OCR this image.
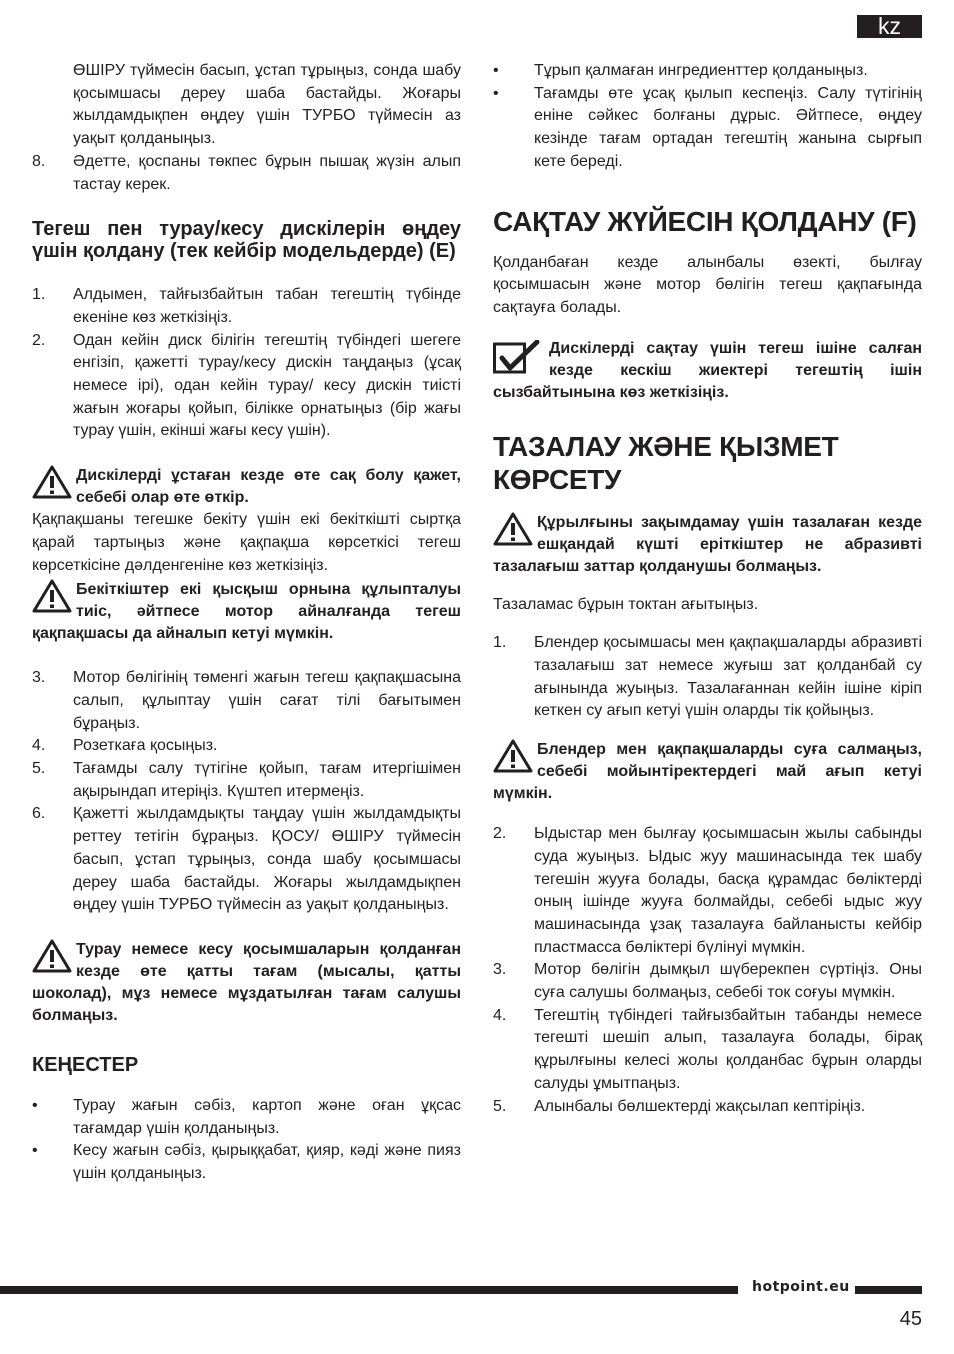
kz

ӨШІРУ түймесін басып, ұстап тұрыңыз, сонда шабу қосымшасы дереу шаба бастайды. Жоғары жылдамдықпен өңдеу үшін ТУРБО түймесін аз уақыт қолданыңыз.

8.	Әдетте, қоспаны төкпес бұрын пышақ жүзін алып тастау керек.
Тегеш пен турау/кесу дискілерін өңдеу үшін қолдану (тек кейбір модельдерде) (E)
1.	Алдымен, тайғызбайтын табан тегештің түбінде екеніне көз жеткізіңіз.
2.	Одан кейін диск білігін тегештің түбіндегі шегеге енгізіп, қажетті турау/кесу дискін таңдаңыз (ұсақ немесе ірі), одан кейін турау/ кесу дискін тиісті жағын жоғары қойып, білікке орнатыңыз (бір жағы турау үшін, екінші жағы кесу үшін).
Дискілерді ұстаған кезде өте сақ болу қажет, себебі олар өте өткір.

Қақпақшаны тегешке бекіту үшін екі бекіткішті сыртқа қарай тартыңыз және қақпақша көрсеткісі тегеш көрсеткісіне дәлденгеніне көз жеткізіңіз.

Бекіткіштер екі қысқыш орнына құлыпталуы тиіс, әйтпесе мотор айналғанда тегеш қақпақшасы да айналып кетуі мүмкін.
3.	Мотор бөлігінің төменгі жағын тегеш қақпақшасына салып, құлыптау үшін сағат тілі бағытымен бұраңыз.
4.	Розеткаға қосыңыз.
5.	Тағамды салу түтігіне қойып, тағам итергішімен ақырындап итеріңіз. Күштеп итермеңіз.
6.	Қажетті жылдамдықты таңдау үшін жылдамдықты реттеу тетігін бұраңыз. ҚОСУ/ ӨШІРУ түймесін басып, ұстап тұрыңыз, сонда шабу қосымшасы дереу шаба бастайды. Жоғары жылдамдықпен өңдеу үшін ТУРБО түймесін аз уақыт қолданыңыз.
Турау немесе кесу қосымшаларын қолданған кезде өте қатты тағам (мысалы, қатты шоколад), мұз немесе мұздатылған тағам салушы болмаңыз.
КЕҢЕСТЕР
•	Турау жағын сәбіз, картоп және оған ұқсас тағамдар үшін қолданыңыз.
•	Кесу жағын сәбіз, қырыққабат, қияр, кәді және пияз үшін қолданыңыз.
•	Тұрып қалмаған ингредиенттер қолданыңыз.
•	Тағамды өте ұсақ қылып кеспеңіз. Салу түтігінің еніне сәйкес болғаны дұрыс. Әйтпесе, өңдеу кезінде тағам ортадан тегештің жанына сырғып кете береді.
САҚТАУ ЖҮЙЕСІН ҚОЛДАНУ (F)

Қолданбаған кезде алынбалы өзекті, былғау қосымшасын және мотор бөлігін тегеш қақпағында сақтауға болады.

Дискілерді сақтау үшін тегеш ішіне салған кезде кескіш жиектері тегештің ішін сызбайтынына көз жеткізіңіз.
ТАЗАЛАУ ЖӘНЕ ҚЫЗМЕТ КӨРСЕТУ
Құрылғыны зақымдамау үшін тазалаған кезде ешқандай күшті еріткіштер не абразивті тазалағыш заттар қолданушы болмаңыз.

Тазаламас бұрын токтан ағытыңыз.

1.	Блендер қосымшасы мен қақпақшаларды абразивті тазалағыш зат немесе жуғыш зат қолданбай су ағынында жуыңыз. Тазалағаннан кейін ішіне кіріп кеткен су ағып кетуі үшін оларды тік қойыңыз.
Блендер мен қақпақшаларды суға салмаңыз, себебі мойынтіректердегі май ағып кетуі мүмкін.
2.	Ыдыстар мен былғау қосымшасын жылы сабынды суда жуыңыз. Ыдыс жуу машинасында тек шабу тегешін жууға болады, басқа құрамдас бөліктерді оның ішінде жууға болмайды, себебі ыдыс жуу машинасында ұзақ тазалауға байланысты кейбір пластмасса бөліктері бүлінуі мүмкін.
3.	Мотор бөлігін дымқыл шүберекпен сүртіңіз. Оны суға салушы болмаңыз, себебі ток соғуы мүмкін.
4.	Тегештің түбіндегі тайғызбайтын табанды немесе тегешті шешіп алып, тазалауға болады, бірақ құрылғыны келесі жолы қолданбас бұрын оларды салуды ұмытпаңыз.
5.	Алынбалы бөлшектерді жақсылап кептіріңіз.
hotpoint.eu
45
